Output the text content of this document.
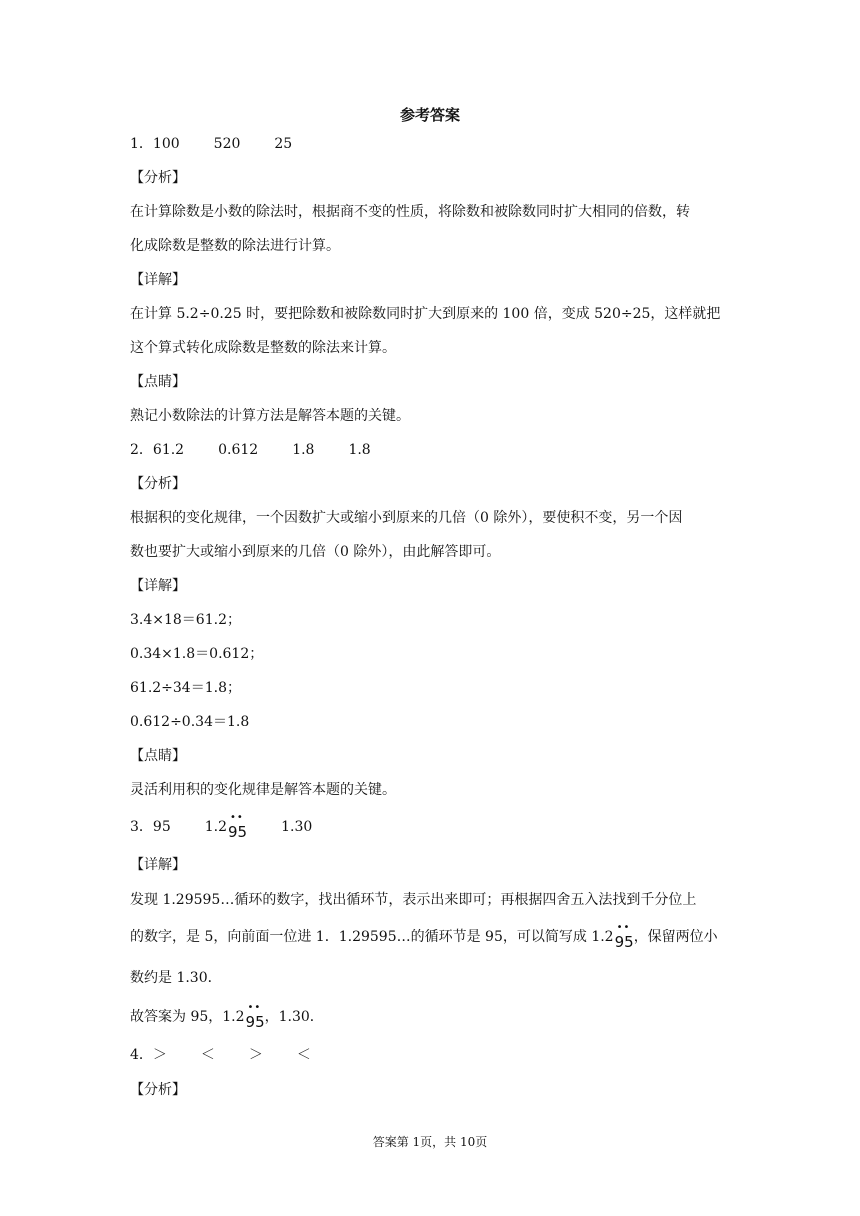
参考答案
1．100 520 25
【分析】
在计算除数是小数的除法时，根据商不变的性质，将除数和被除数同时扩大相同的倍数，转
化成除数是整数的除法进行计算。
【详解】
在计算 5.2÷0.25 时，要把除数和被除数同时扩大到原来的 100 倍，变成 520÷25，这样就把
这个算式转化成除数是整数的除法来计算。
【点睛】
熟记小数除法的计算方法是解答本题的关键。
2．61.2 0.612 1.8 1.8
【分析】
根据积的变化规律，一个因数扩大或缩小到原来的几倍（0 除外），要使积不变，另一个因
数也要扩大或缩小到原来的几倍（0 除外），由此解答即可。
【详解】
3.4×18＝61.2；
0.34×1.8＝0.612；
61.2÷34＝1.8；
0.612÷0.34＝1.8
【点睛】
灵活利用积的变化规律是解答本题的关键。
3．95 1.2
••
95 1.30
【详解】
发现 1.29595…循环的数字，找出循环节，表示出来即可；再根据四舍五入法找到千分位上
的数字，是 5，向前面一位进 1．1.29595…的循环节是 95，可以简写成 1.2
••
95，保留两位小
数约是 1.30．
故答案为 95，1.2
••
95，1.30．
4．＞ ＜ ＞ ＜
【分析】
答案第 1页，共 10页
